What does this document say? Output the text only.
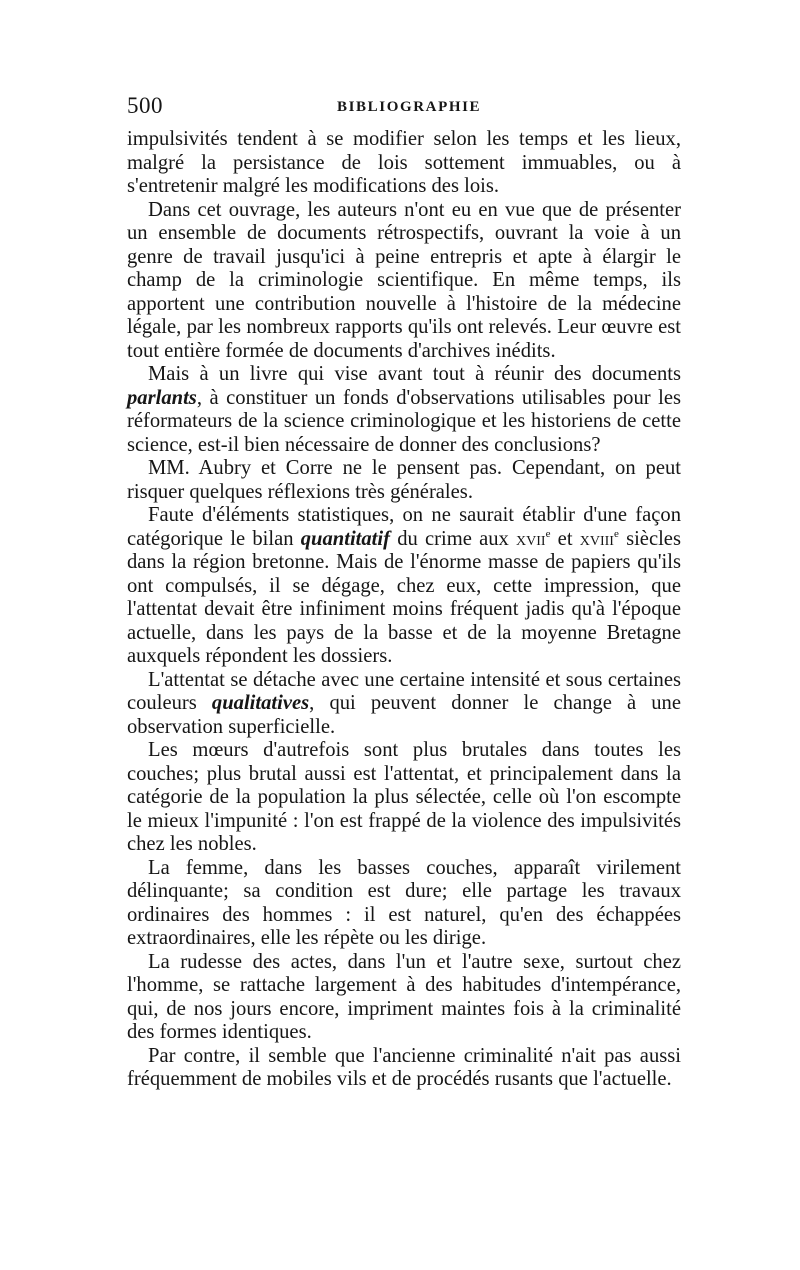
500	BIBLIOGRAPHIE

impulsivités tendent à se modifier selon les temps et les lieux, malgré la persistance de lois sottement immuables, ou à s'entretenir malgré les modifications des lois.

Dans cet ouvrage, les auteurs n'ont eu en vue que de présenter un ensemble de documents rétrospectifs, ouvrant la voie à un genre de travail jusqu'ici à peine entrepris et apte à élargir le champ de la criminologie scientifique. En même temps, ils apportent une contribution nouvelle à l'histoire de la médecine légale, par les nombreux rapports qu'ils ont relevés. Leur œuvre est tout entière formée de documents d'archives inédits.

Mais à un livre qui vise avant tout à réunir des documents parlants, à constituer un fonds d'observations utilisables pour les réformateurs de la science criminologique et les historiens de cette science, est-il bien nécessaire de donner des conclusions?

MM. Aubry et Corre ne le pensent pas. Cependant, on peut risquer quelques réflexions très générales.

Faute d'éléments statistiques, on ne saurait établir d'une façon catégorique le bilan quantitatif du crime aux xvii$^e$ et xviii$^e$ siècles dans la région bretonne. Mais de l'énorme masse de papiers qu'ils ont compulsés, il se dégage, chez eux, cette impression, que l'attentat devait être infiniment moins fréquent jadis qu'à l'époque actuelle, dans les pays de la basse et de la moyenne Bretagne auxquels répondent les dossiers.

L'attentat se détache avec une certaine intensité et sous certaines couleurs qualitatives, qui peuvent donner le change à une observation superficielle.

Les mœurs d'autrefois sont plus brutales dans toutes les couches; plus brutal aussi est l'attentat, et principalement dans la catégorie de la population la plus sélectée, celle où l'on escompte le mieux l'impunité : l'on est frappé de la violence des impulsivités chez les nobles.

La femme, dans les basses couches, apparaît virilement délinquante; sa condition est dure; elle partage les travaux ordinaires des hommes : il est naturel, qu'en des échappées extraordinaires, elle les répète ou les dirige.

La rudesse des actes, dans l'un et l'autre sexe, surtout chez l'homme, se rattache largement à des habitudes d'intempérance, qui, de nos jours encore, impriment maintes fois à la criminalité des formes identiques.

Par contre, il semble que l'ancienne criminalité n'ait pas aussi fréquemment de mobiles vils et de procédés rusants que l'actuelle.
